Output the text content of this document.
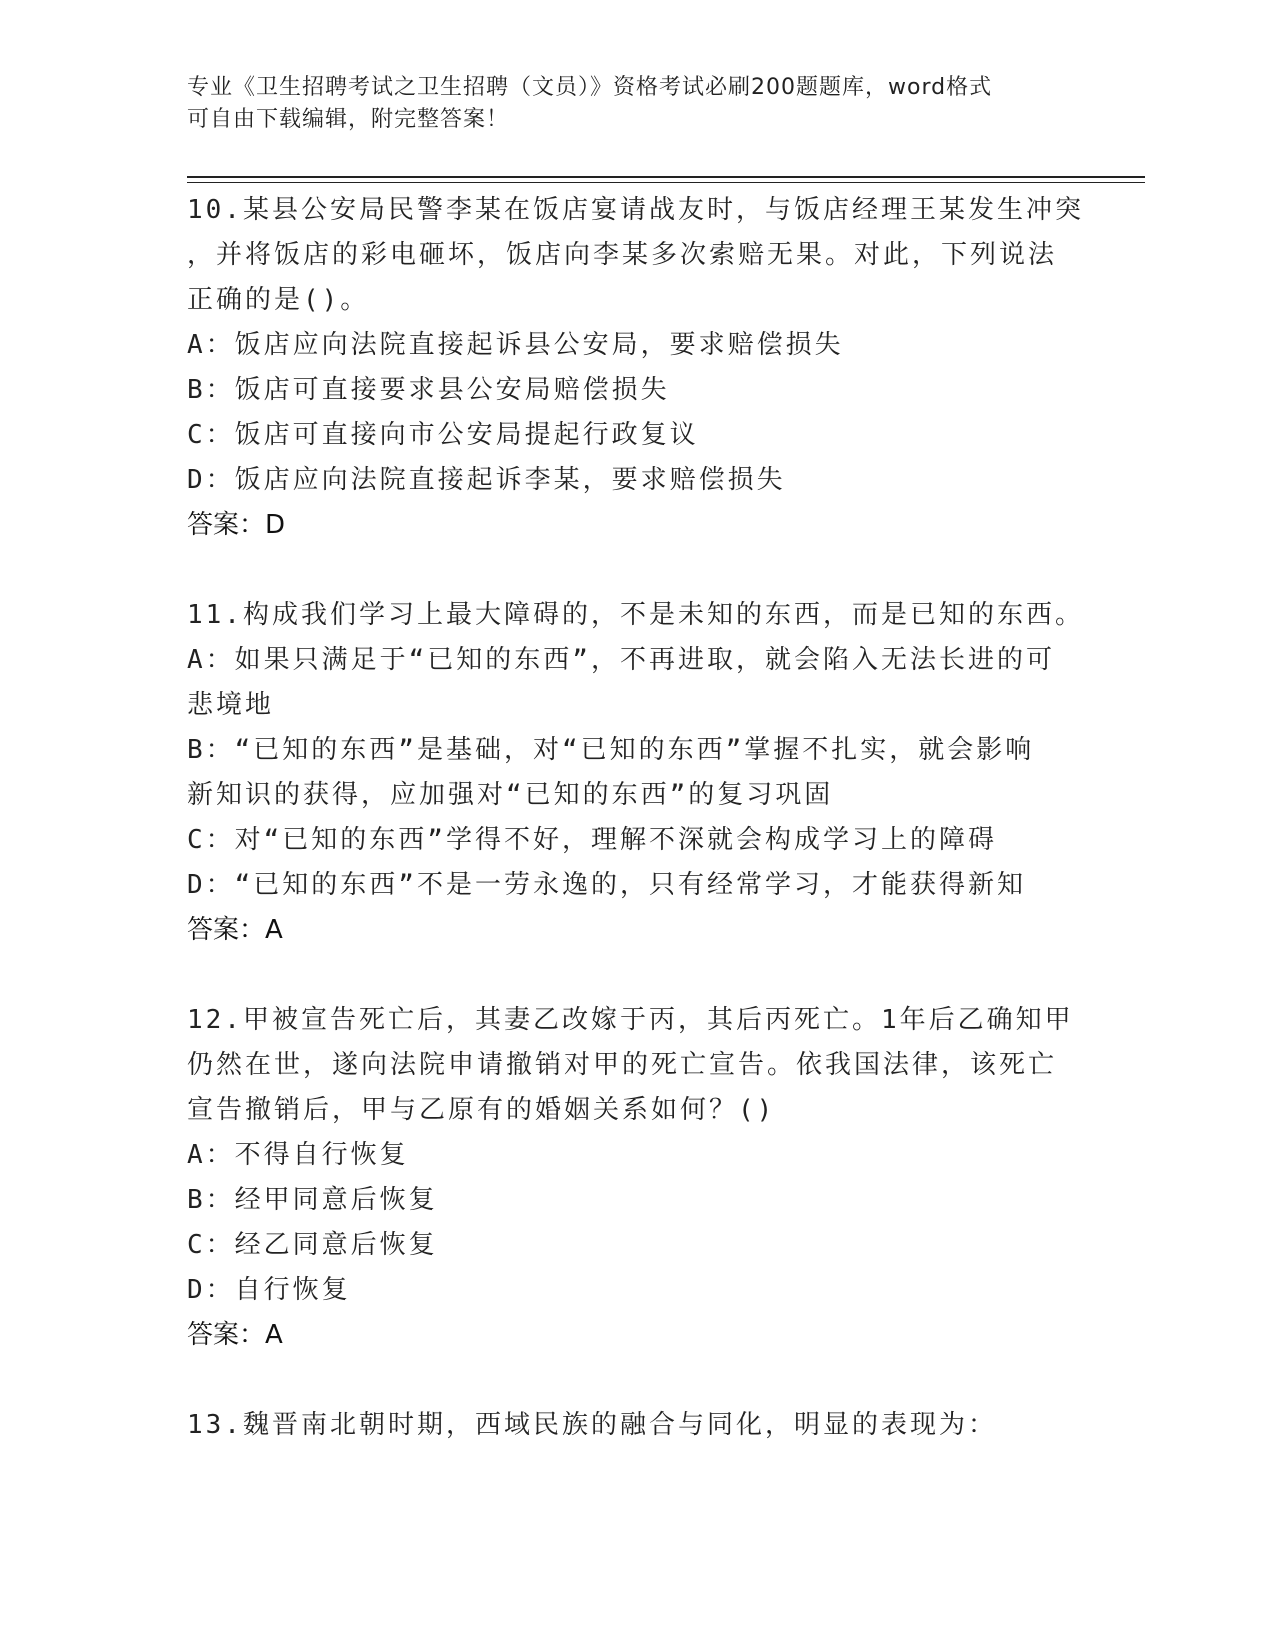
专业《卫生招聘考试之卫生招聘（文员）》资格考试必刷200题题库，word格式
可自由下载编辑，附完整答案！

10.某县公安局民警李某在饭店宴请战友时，与饭店经理王某发生冲突

，并将饭店的彩电砸坏，饭店向李某多次索赔无果。对此，下列说法

正确的是()。

A：饭店应向法院直接起诉县公安局，要求赔偿损失

B：饭店可直接要求县公安局赔偿损失

C：饭店可直接向市公安局提起行政复议

D：饭店应向法院直接起诉李某，要求赔偿损失

答案：D

11.构成我们学习上最大障碍的，不是未知的东西，而是已知的东西。

A：如果只满足于“已知的东西”，不再进取，就会陷入无法长进的可

悲境地

B：“已知的东西”是基础，对“已知的东西”掌握不扎实，就会影响

新知识的获得，应加强对“已知的东西”的复习巩固

C：对“已知的东西”学得不好，理解不深就会构成学习上的障碍

D：“已知的东西”不是一劳永逸的，只有经常学习，才能获得新知

答案：A

12.甲被宣告死亡后，其妻乙改嫁于丙，其后丙死亡。1年后乙确知甲

仍然在世，遂向法院申请撤销对甲的死亡宣告。依我国法律，该死亡

宣告撤销后，甲与乙原有的婚姻关系如何？()

A：不得自行恢复

B：经甲同意后恢复

C：经乙同意后恢复

D：自行恢复

答案：A

13.魏晋南北朝时期，西域民族的融合与同化，明显的表现为：
